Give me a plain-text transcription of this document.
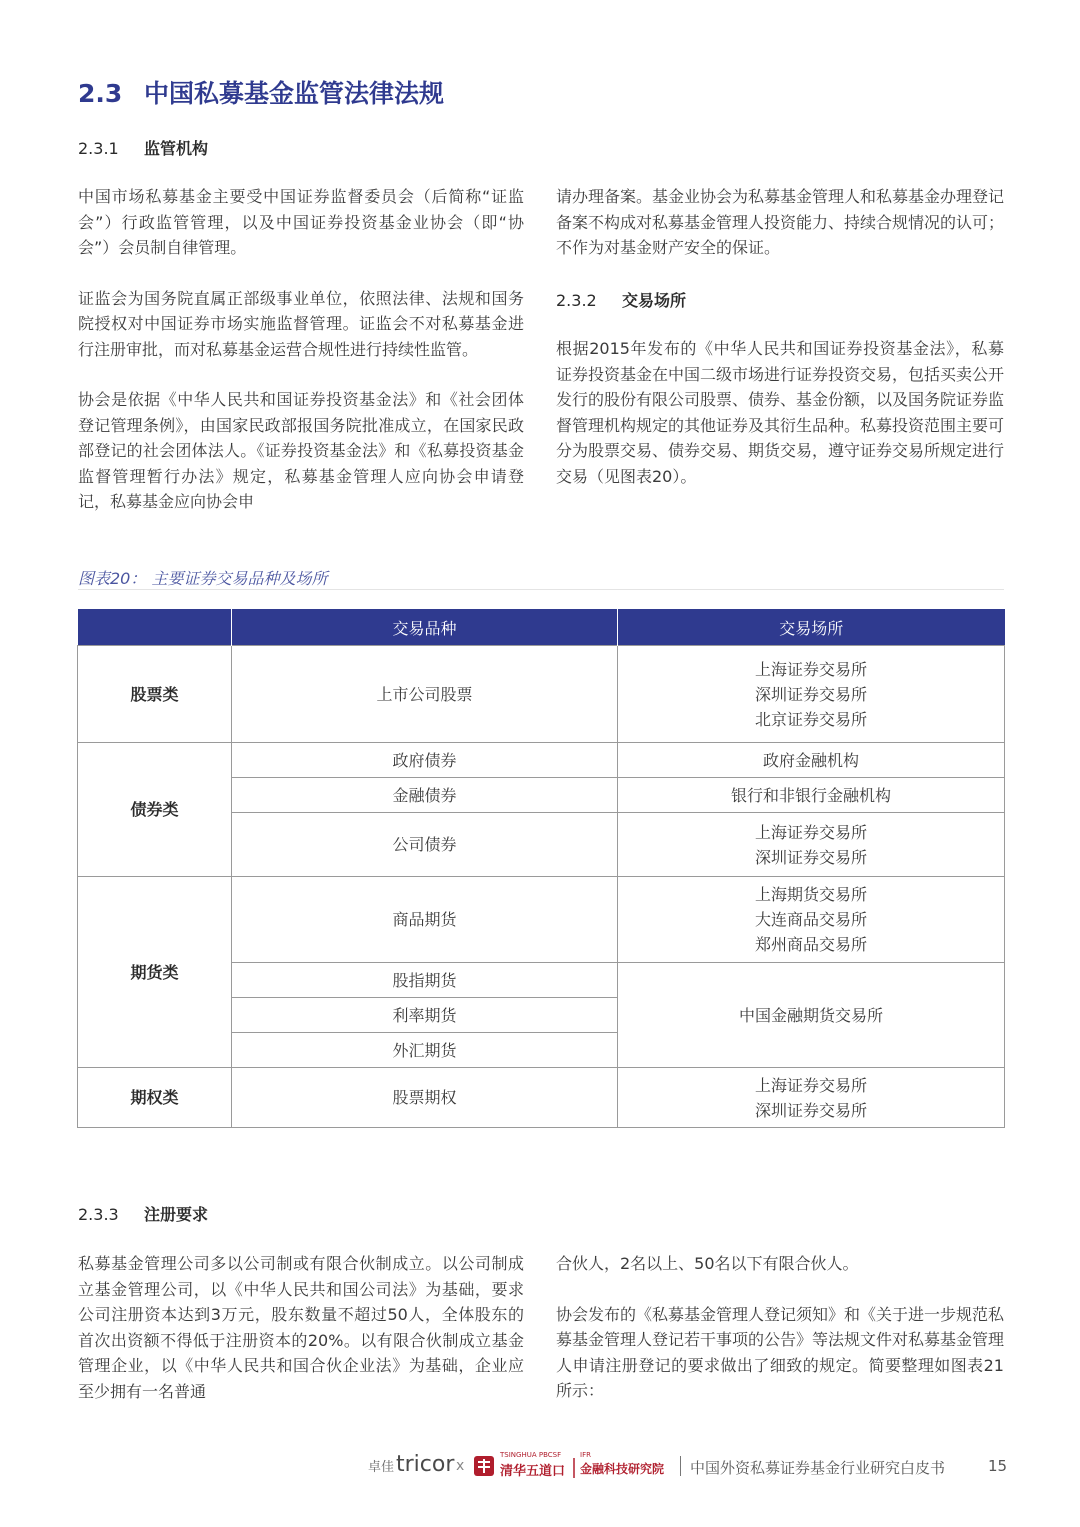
2.3 中国私募基金监管法律法规
2.3.1 监管机构

中国市场私募基金主要受中国证券监督委员会（后简称“证监会”）行政监管管理，以及中国证券投资基金业协会（即“协会”）会员制自律管理。

证监会为国务院直属正部级事业单位，依照法律、法规和国务院授权对中国证券市场实施监督管理。证监会不对私募基金进行注册审批，而对私募基金运营合规性进行持续性监管。

协会是依据《中华人民共和国证券投资基金法》和《社会团体登记管理条例》，由国家民政部报国务院批准成立，在国家民政部登记的社会团体法人。《证券投资基金法》和《私募投资基金监督管理暂行办法》规定，私募基金管理人应向协会申请登记，私募基金应向协会申

请办理备案。基金业协会为私募基金管理人和私募基金办理登记备案不构成对私募基金管理人投资能力、持续合规情况的认可；不作为对基金财产安全的保证。

2.3.2 交易场所

根据2015年发布的《中华人民共和国证券投资基金法》，私募证券投资基金在中国二级市场进行证券投资交易，包括买卖公开发行的股份有限公司股票、债券、基金份额，以及国务院证券监督管理机构规定的其他证券及其衍生品种。私募投资范围主要可分为股票交易、债券交易、期货交易，遵守证券交易所规定进行交易（见图表20）。

图表20： 主要证券交易品种及场所
	交易品种	交易场所
股票类	上市公司股票	上海证券交易所
深圳证券交易所
北京证券交易所

债券类	政府债券	政府金融机构
	金融债券	银行和非银行金融机构
	公司债券	上海证券交易所
深圳证券交易所

期货类	商品期货	上海期货交易所
大连商品交易所
郑州商品交易所

	股指期货	中国金融期货交易所
	利率期货	
	外汇期货	
期权类	股票期权	上海证券交易所
深圳证券交易所
2.3.3 注册要求

私募基金管理公司多以公司制或有限合伙制成立。以公司制成立基金管理公司，以《中华人民共和国公司法》为基础，要求公司注册资本达到3万元，股东数量不超过50人，全体股东的首次出资额不得低于注册资本的20%。以有限合伙制成立基金管理企业，以《中华人民共和国合伙企业法》为基础，企业应至少拥有一名普通

合伙人，2名以上、50名以下有限合伙人。

协会发布的《私募基金管理人登记须知》和《关于进一步规范私募基金管理人登记若干事项的公告》等法规文件对私募基金管理人申请注册登记的要求做出了细致的规定。简要整理如图表21所示：

卓佳tricor x
TSINGHUA PBCSF
清华五道口
IFR
金融科技研究院 中国外资私募证券基金行业研究白皮书	15
